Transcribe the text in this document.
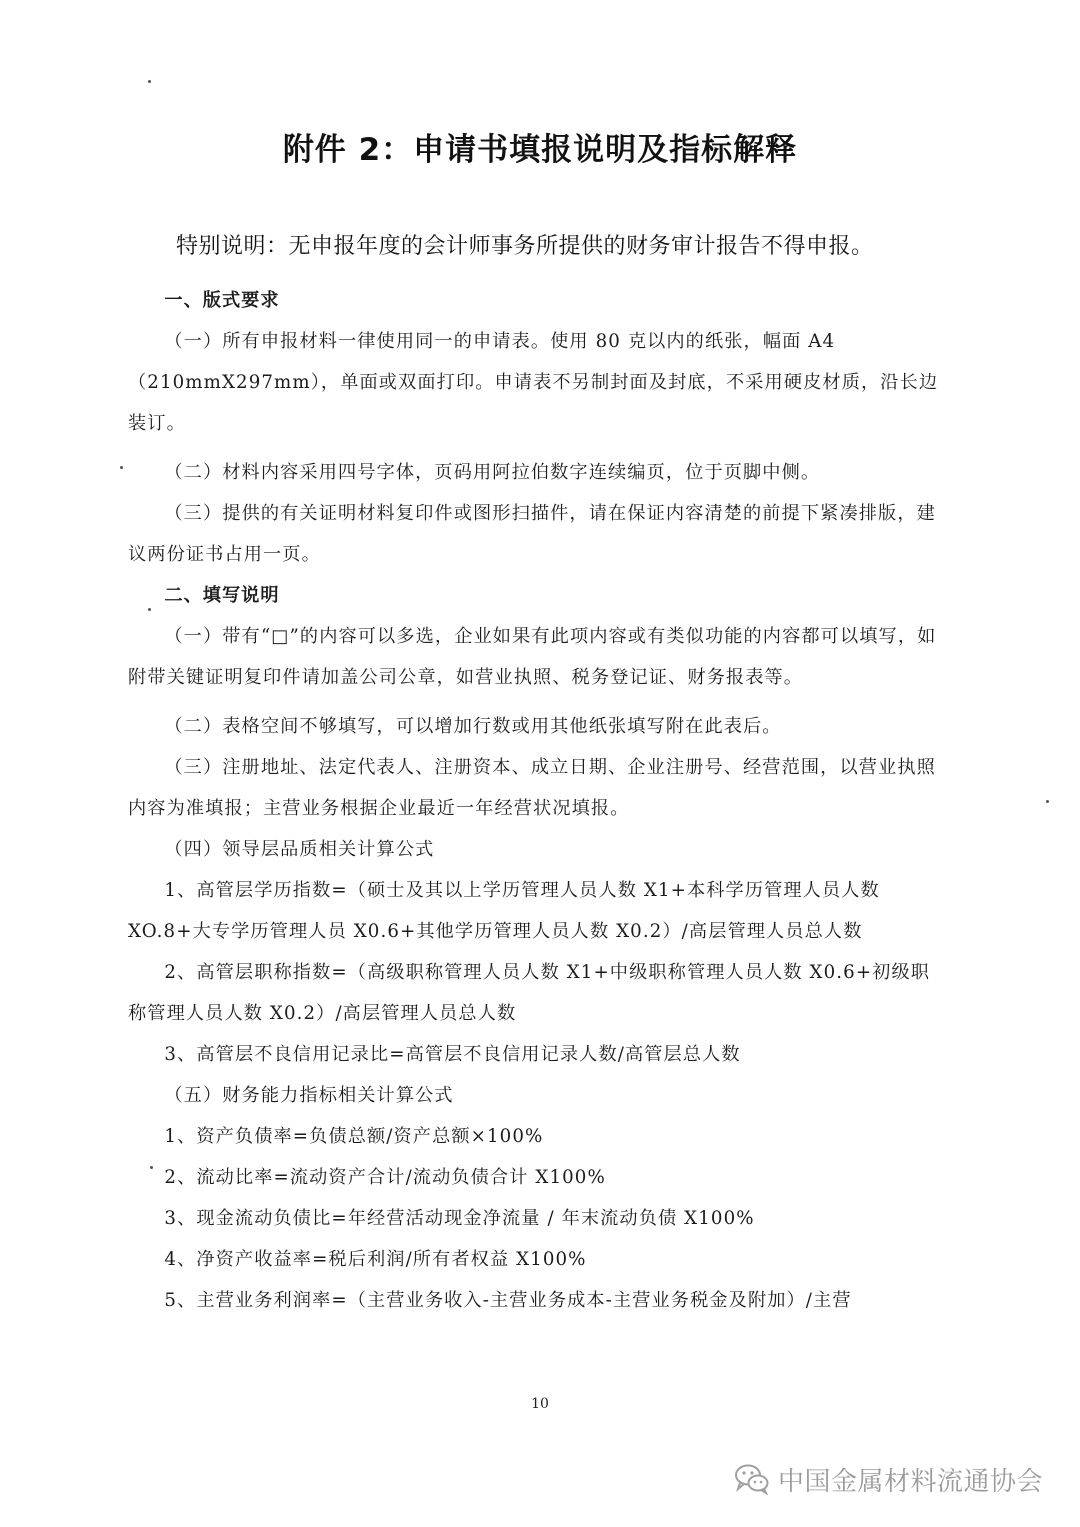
附件 2：申请书填报说明及指标解释
特别说明：无申报年度的会计师事务所提供的财务审计报告不得申报。

一、版式要求

（一）所有申报材料一律使用同一的申请表。使用 80 克以内的纸张，幅面 A4（210mmX297mm），单面或双面打印。申请表不另制封面及封底，不采用硬皮材质，沿长边装订。

（二）材料内容采用四号字体，页码用阿拉伯数字连续编页，位于页脚中侧。

（三）提供的有关证明材料复印件或图形扫描件，请在保证内容清楚的前提下紧凑排版，建议两份证书占用一页。

二、填写说明

（一）带有“□”的内容可以多选，企业如果有此项内容或有类似功能的内容都可以填写，如附带关键证明复印件请加盖公司公章，如营业执照、税务登记证、财务报表等。

（二）表格空间不够填写，可以增加行数或用其他纸张填写附在此表后。

（三）注册地址、法定代表人、注册资本、成立日期、企业注册号、经营范围，以营业执照内容为准填报；主营业务根据企业最近一年经营状况填报。

（四）领导层品质相关计算公式

1、高管层学历指数=（硕士及其以上学历管理人员人数 X1+本科学历管理人员人数 XO.8+大专学历管理人员 X0.6+其他学历管理人员人数 X0.2）/高层管理人员总人数

2、高管层职称指数=（高级职称管理人员人数 X1+中级职称管理人员人数 X0.6+初级职称管理人员人数 X0.2）/高层管理人员总人数

3、高管层不良信用记录比=高管层不良信用记录人数/高管层总人数

（五）财务能力指标相关计算公式

1、资产负债率=负债总额/资产总额×100%

2、流动比率=流动资产合计/流动负债合计 X100%

3、现金流动负债比=年经营活动现金净流量 / 年末流动负债 X100%

4、净资产收益率=税后利润/所有者权益 X100%

5、主营业务利润率=（主营业务收入-主营业务成本-主营业务税金及附加）/主营

10
中国金属材料流通协会
